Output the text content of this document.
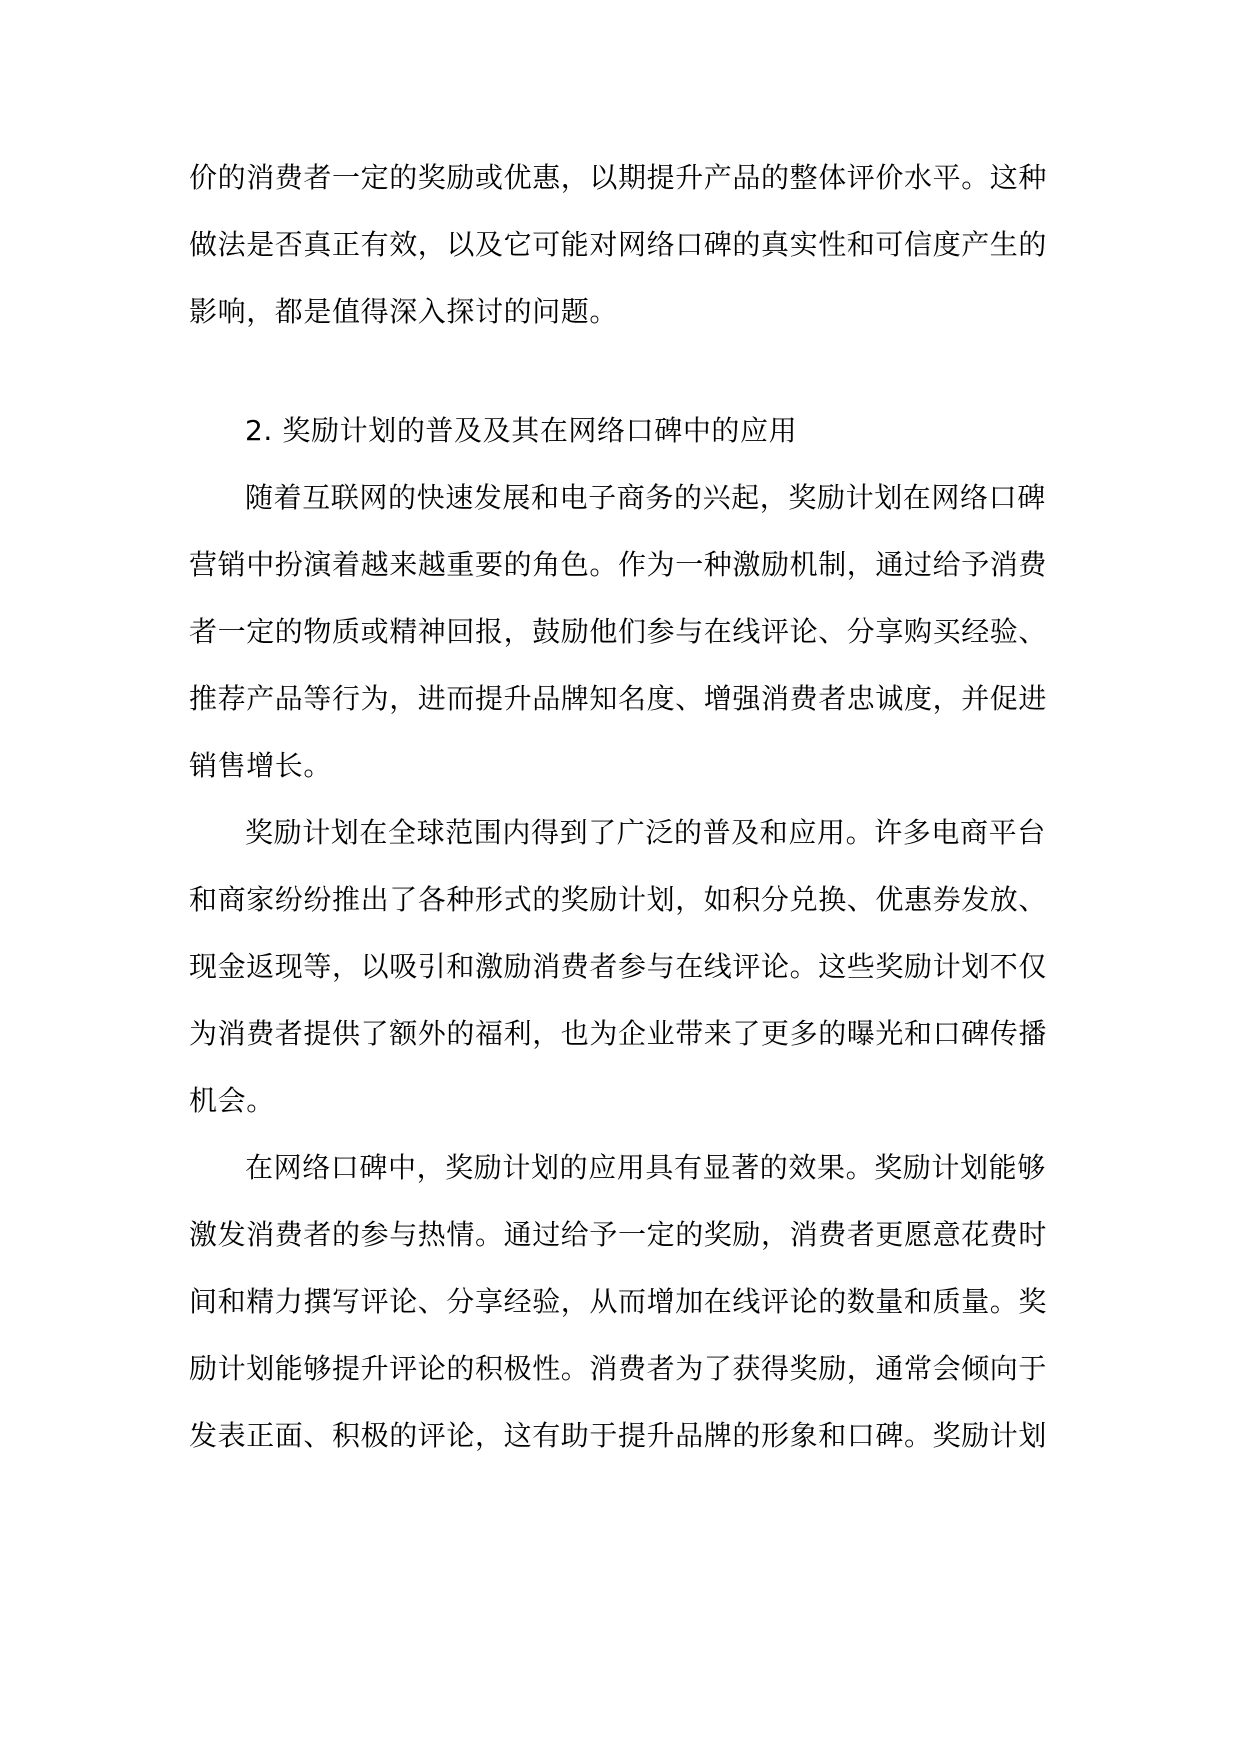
价的消费者一定的奖励或优惠，以期提升产品的整体评价水平。这种
做法是否真正有效，以及它可能对网络口碑的真实性和可信度产生的
影响，都是值得深入探讨的问题。
2. 奖励计划的普及及其在网络口碑中的应用
随着互联网的快速发展和电子商务的兴起，奖励计划在网络口碑
营销中扮演着越来越重要的角色。作为一种激励机制，通过给予消费
者一定的物质或精神回报，鼓励他们参与在线评论、分享购买经验、
推荐产品等行为，进而提升品牌知名度、增强消费者忠诚度，并促进
销售增长。
奖励计划在全球范围内得到了广泛的普及和应用。许多电商平台
和商家纷纷推出了各种形式的奖励计划，如积分兑换、优惠券发放、
现金返现等，以吸引和激励消费者参与在线评论。这些奖励计划不仅
为消费者提供了额外的福利，也为企业带来了更多的曝光和口碑传播
机会。
在网络口碑中，奖励计划的应用具有显著的效果。奖励计划能够
激发消费者的参与热情。通过给予一定的奖励，消费者更愿意花费时
间和精力撰写评论、分享经验，从而增加在线评论的数量和质量。奖
励计划能够提升评论的积极性。消费者为了获得奖励，通常会倾向于
发表正面、积极的评论，这有助于提升品牌的形象和口碑。奖励计划
